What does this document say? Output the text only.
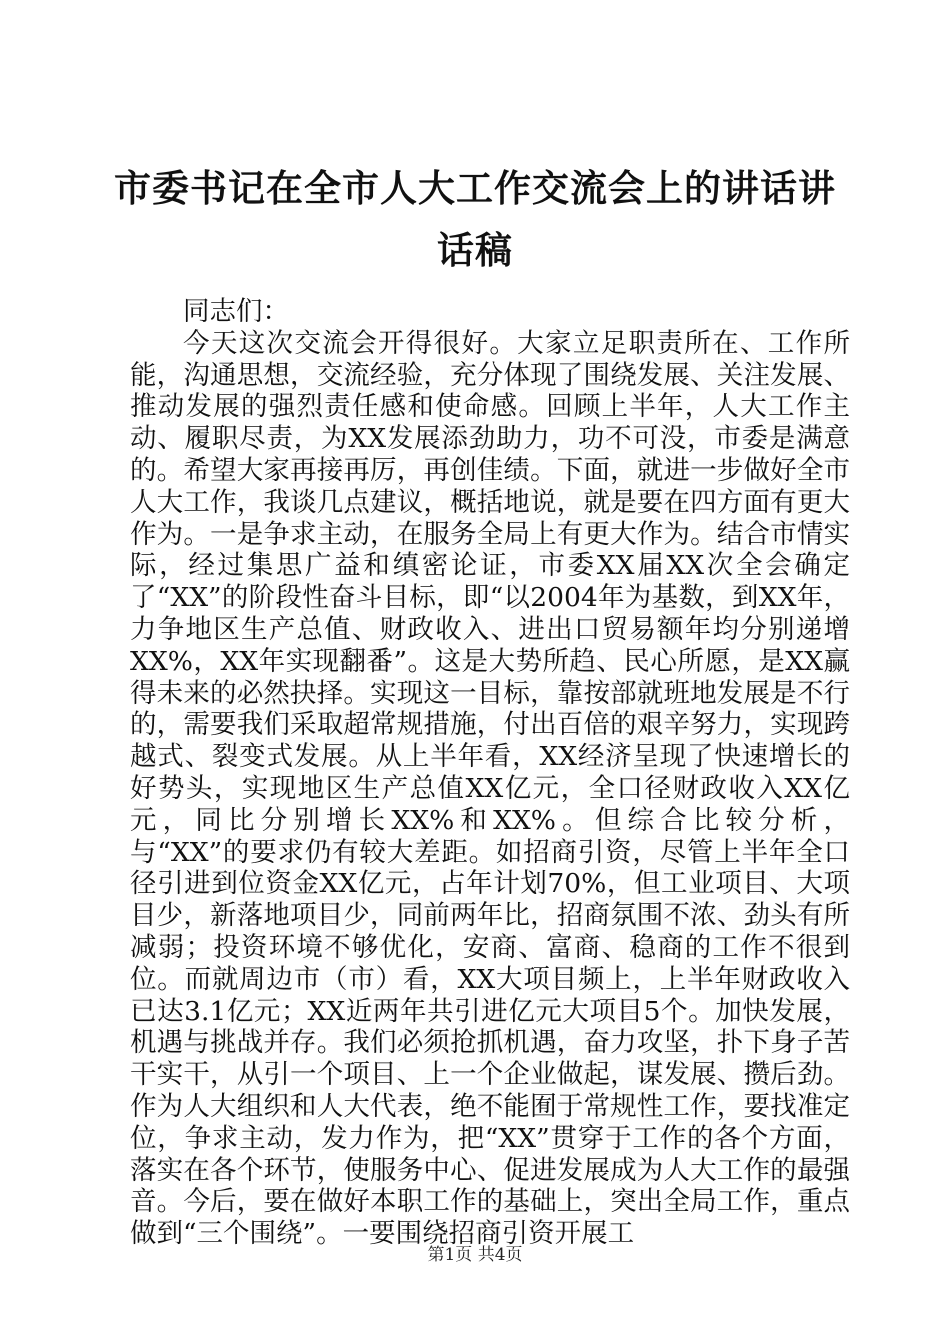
市委书记在全市人大工作交流会上的讲话讲话稿

同志们：

今天这次交流会开得很好。大家立足职责所在、工作所能，沟通思想，交流经验，充分体现了围绕发展、关注发展、推动发展的强烈责任感和使命感。回顾上半年，人大工作主动、履职尽责，为XX发展添劲助力，功不可没，市委是满意的。希望大家再接再厉，再创佳绩。下面，就进一步做好全市人大工作，我谈几点建议，概括地说，就是要在四方面有更大作为。一是争求主动，在服务全局上有更大作为。结合市情实际，经过集思广益和缜密论证，市委XX届XX次全会确定了“XX”的阶段性奋斗目标，即“以2004年为基数，到XX年，力争地区生产总值、财政收入、进出口贸易额年均分别递增XX%，XX年实现翻番”。这是大势所趋、民心所愿，是XX赢得未来的必然抉择。实现这一目标，靠按部就班地发展是不行的，需要我们采取超常规措施，付出百倍的艰辛努力，实现跨越式、裂变式发展。从上半年看，XX经济呈现了快速增长的好势头，实现地区生产总值XX亿元，全口径财政收入XX亿元，同比分别增长XX%和XX%。但综合比较分析，与“XX”的要求仍有较大差距。如招商引资，尽管上半年全口径引进到位资金XX亿元，占年计划70%，但工业项目、大项目少，新落地项目少，同前两年比，招商氛围不浓、劲头有所减弱；投资环境不够优化，安商、富商、稳商的工作不很到位。而就周边市（市）看，XX大项目频上，上半年财政收入已达3.1亿元；XX近两年共引进亿元大项目5个。加快发展，机遇与挑战并存。我们必须抢抓机遇，奋力攻坚，扑下身子苦干实干，从引一个项目、上一个企业做起，谋发展、攒后劲。作为人大组织和人大代表，绝不能囿于常规性工作，要找准定位，争求主动，发力作为，把“XX”贯穿于工作的各个方面，落实在各个环节，使服务中心、促进发展成为人大工作的最强音。今后，要在做好本职工作的基础上，突出全局工作，重点做到“三个围绕”。一要围绕招商引资开展工

第1页 共4页
